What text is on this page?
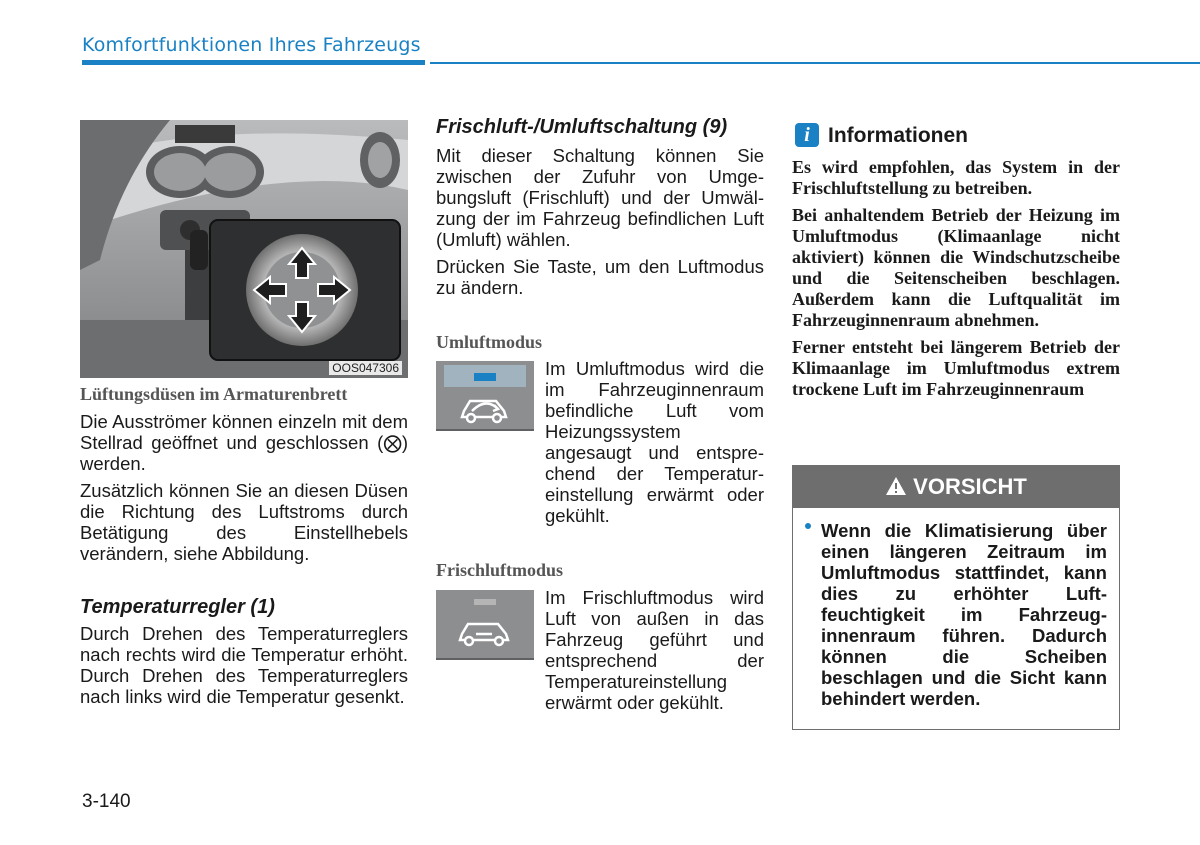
Komfortfunktionen Ihres Fahrzeugs
OOS047306

Lüftungsdüsen im Armaturenbrett

Die Ausströmer können einzeln mit dem Stellrad geöffnet und geschlossen (⨂) werden.

Zusätzlich können Sie an diesen Düsen die Richtung des Luftstroms durch Betätigung des Einstellhebels verändern, siehe Abbildung.

Temperaturregler (1)

Durch Drehen des Temperaturreglers nach rechts wird die Temperatur erhöht. Durch Drehen des Temperaturreglers nach links wird die Temperatur gesenkt.

Frischluft-/Umluftschaltung (9)

Mit dieser Schaltung können Sie zwischen der Zufuhr von Umgebungsluft (Frischluft) und der Umwälzung der im Fahrzeug befindlichen Luft (Umluft) wählen.

Drücken Sie Taste, um den Luftmodus zu ändern.

Umluftmodus

Im Umluftmodus wird die im Fahrzeuginnenraum befindliche Luft vom Heizungssystem angesaugt und entsprechend der Temperatureinstellung erwärmt oder gekühlt.

Frischluftmodus

Im Frischluftmodus wird Luft von außen in das Fahrzeug geführt und entsprechend der Temperatureinstellung erwärmt oder gekühlt.

i Informationen

Es wird empfohlen, das System in der Frischluftstellung zu betreiben.

Bei anhaltendem Betrieb der Heizung im Umluftmodus (Klimaanlage nicht aktiviert) können die Windschutzscheibe und die Seitenscheiben beschlagen. Außerdem kann die Luftqualität im Fahrzeuginnenraum abnehmen.

Ferner entsteht bei längerem Betrieb der Klimaanlage im Umluftmodus extrem trockene Luft im Fahrzeuginnenraum

VORSICHT
Wenn die Klimatisierung über einen längeren Zeitraum im Umluftmodus stattfindet, kann dies zu erhöhter Luftfeuchtigkeit im Fahrzeuginnenraum führen. Dadurch können die Scheiben beschlagen und die Sicht kann behindert werden.
3-140
